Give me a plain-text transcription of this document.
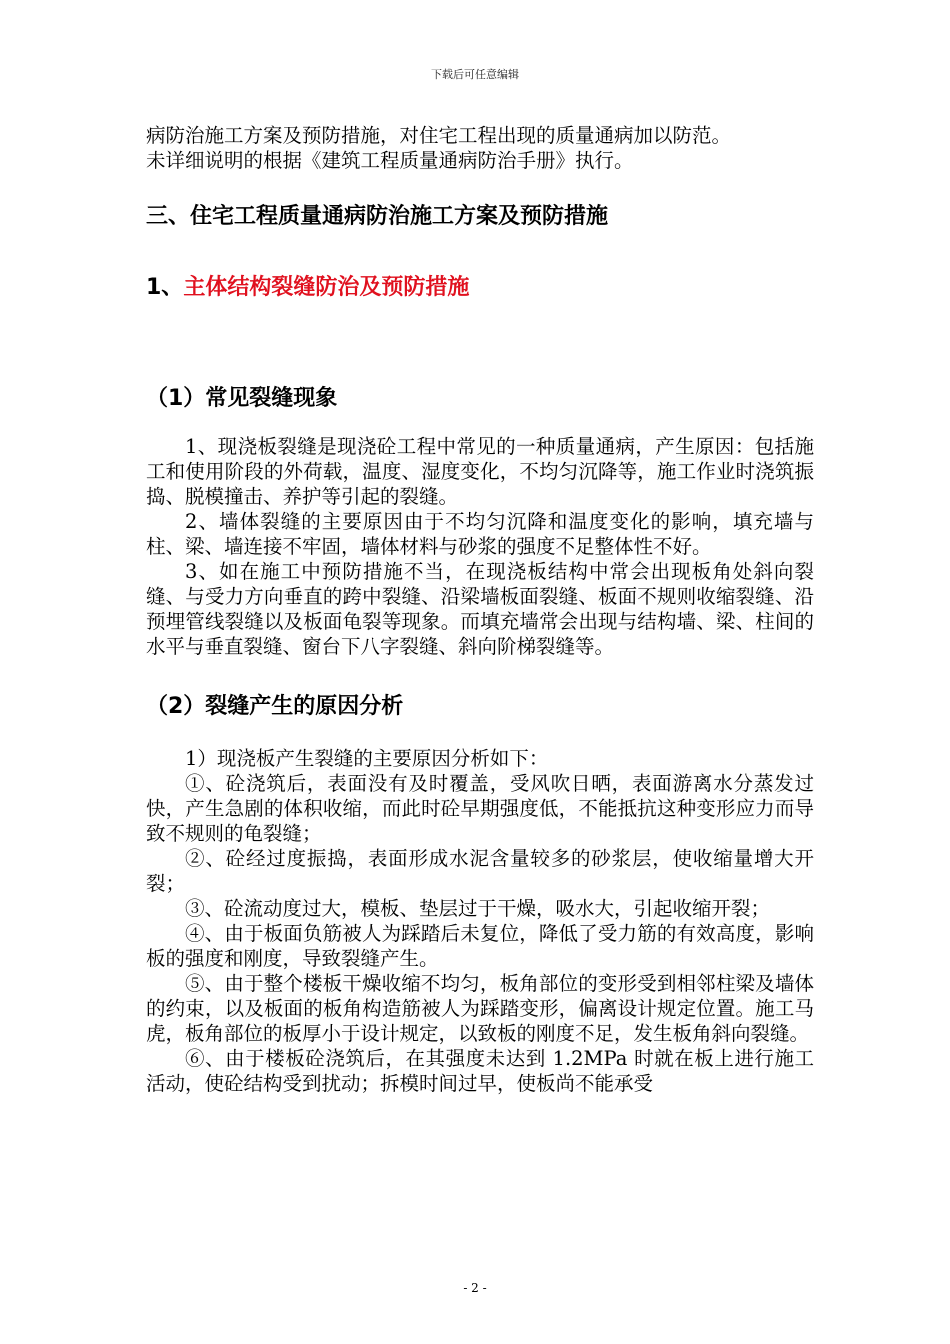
下载后可任意编辑

病防治施工方案及预防措施，对住宅工程出现的质量通病加以防范。

未详细说明的根据《建筑工程质量通病防治手册》执行。

三、住宅工程质量通病防治施工方案及预防措施
1、主体结构裂缝防治及预防措施
（1）常见裂缝现象

1、现浇板裂缝是现浇砼工程中常见的一种质量通病，产生原因：包括施工和使用阶段的外荷载，温度、湿度变化，不均匀沉降等，施工作业时浇筑振捣、脱模撞击、养护等引起的裂缝。

2、墙体裂缝的主要原因由于不均匀沉降和温度变化的影响，填充墙与柱、梁、墙连接不牢固，墙体材料与砂浆的强度不足整体性不好。

3、如在施工中预防措施不当，在现浇板结构中常会出现板角处斜向裂缝、与受力方向垂直的跨中裂缝、沿梁墙板面裂缝、板面不规则收缩裂缝、沿预埋管线裂缝以及板面龟裂等现象。而填充墙常会出现与结构墙、梁、柱间的水平与垂直裂缝、窗台下八字裂缝、斜向阶梯裂缝等。

（2）裂缝产生的原因分析

1）现浇板产生裂缝的主要原因分析如下：

①、砼浇筑后，表面没有及时覆盖，受风吹日晒，表面游离水分蒸发过快，产生急剧的体积收缩，而此时砼早期强度低，不能抵抗这种变形应力而导致不规则的龟裂缝；

②、砼经过度振捣，表面形成水泥含量较多的砂浆层，使收缩量增大开裂；

③、砼流动度过大，模板、垫层过于干燥，吸水大，引起收缩开裂；

④、由于板面负筋被人为踩踏后未复位，降低了受力筋的有效高度，影响板的强度和刚度，导致裂缝产生。

⑤、由于整个楼板干燥收缩不均匀，板角部位的变形受到相邻柱梁及墙体的约束，以及板面的板角构造筋被人为踩踏变形，偏离设计规定位置。施工马虎，板角部位的板厚小于设计规定，以致板的刚度不足，发生板角斜向裂缝。

⑥、由于楼板砼浇筑后，在其强度未达到 1.2MPa 时就在板上进行施工活动，使砼结构受到扰动；拆模时间过早，使板尚不能承受

- 2 -
